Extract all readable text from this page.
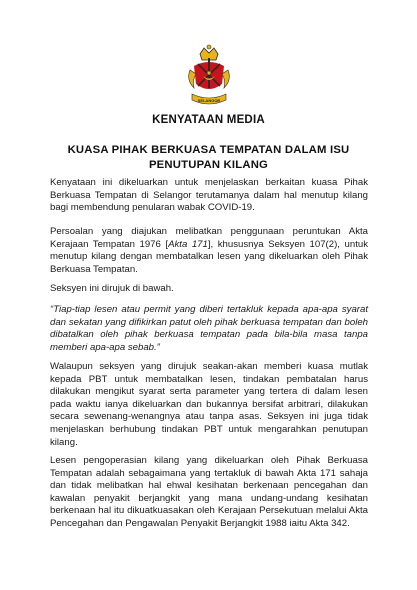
SELANGOR
KENYATAAN MEDIA
KUASA PIHAK BERKUASA TEMPATAN DALAM ISU
PENUTUPAN KILANG
Kenyataan ini dikeluarkan untuk menjelaskan berkaitan kuasa Pihak Berkuasa Tempatan di Selangor terutamanya dalam hal menutup kilang bagi membendung penularan wabak COVID-19.
Persoalan yang diajukan melibatkan penggunaan peruntukan Akta Kerajaan Tempatan 1976 [Akta 171], khususnya Seksyen 107(2), untuk menutup kilang dengan membatalkan lesen yang dikeluarkan oleh Pihak Berkuasa Tempatan.
Seksyen ini dirujuk di bawah.
“Tiap-tiap lesen atau permit yang diberi tertakluk kepada apa-apa syarat dan sekatan yang difikirkan patut oleh pihak berkuasa tempatan dan boleh dibatalkan oleh pihak berkuasa tempatan pada bila-bila masa tanpa memberi apa-apa sebab.”
Walaupun seksyen yang dirujuk seakan-akan memberi kuasa mutlak kepada PBT untuk membatalkan lesen, tindakan pembatalan harus dilakukan mengikut syarat serta parameter yang tertera di dalam lesen pada waktu ianya dikeluarkan dan bukannya bersifat arbitrari, dilakukan secara sewenang-wenangnya atau tanpa asas. Seksyen ini juga tidak menjelaskan berhubung tindakan PBT untuk mengarahkan penutupan kilang.
Lesen pengoperasian kilang yang dikeluarkan oleh Pihak Berkuasa Tempatan adalah sebagaimana yang tertakluk di bawah Akta 171 sahaja dan tidak melibatkan hal ehwal kesihatan berkenaan pencegahan dan kawalan penyakit berjangkit yang mana undang-undang kesihatan berkenaan hal itu dikuatkuasakan oleh Kerajaan Persekutuan melalui Akta Pencegahan dan Pengawalan Penyakit Berjangkit 1988 iaitu Akta 342.
